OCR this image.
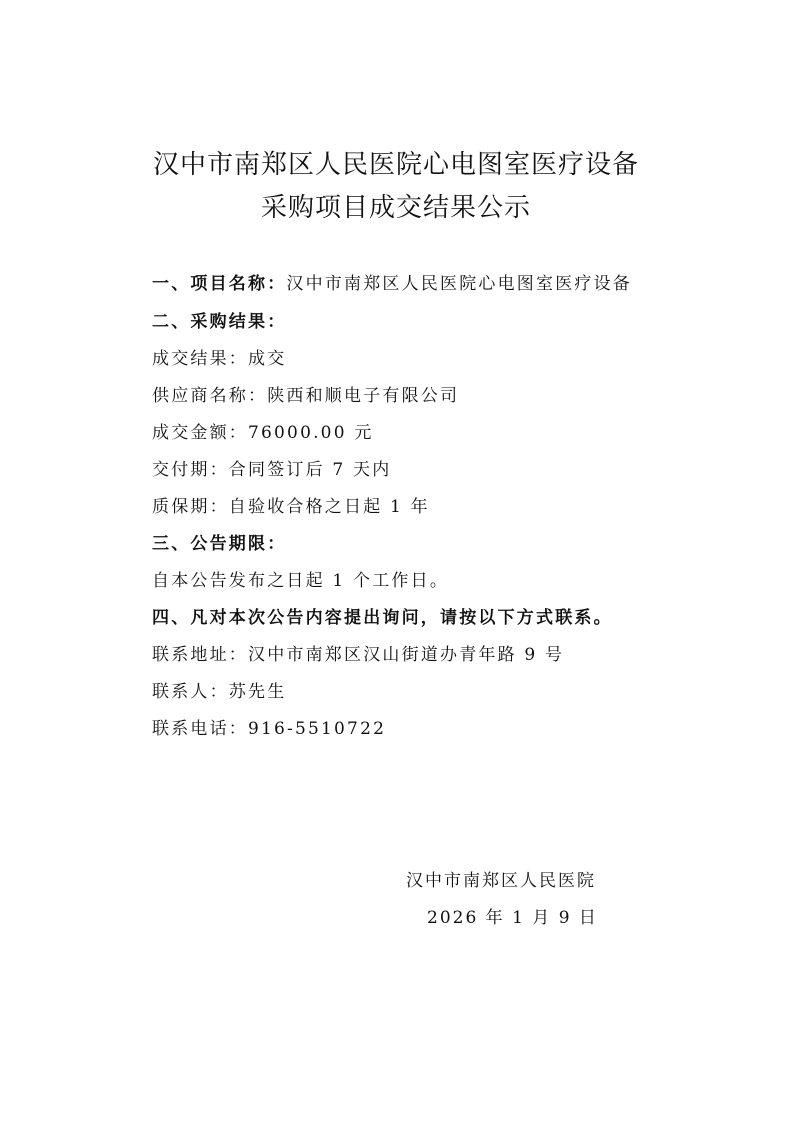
汉中市南郑区人民医院心电图室医疗设备
采购项目成交结果公示
一、项目名称：汉中市南郑区人民医院心电图室医疗设备
二、采购结果：
成交结果：成交
供应商名称：陕西和顺电子有限公司
成交金额：76000.00 元
交付期：合同签订后 7 天内
质保期：自验收合格之日起 1 年
三、公告期限：
自本公告发布之日起 1 个工作日。
四、凡对本次公告内容提出询问，请按以下方式联系。
联系地址：汉中市南郑区汉山街道办青年路 9 号
联系人：苏先生
联系电话：916-5510722
汉中市南郑区人民医院
2026 年 1 月 9 日
